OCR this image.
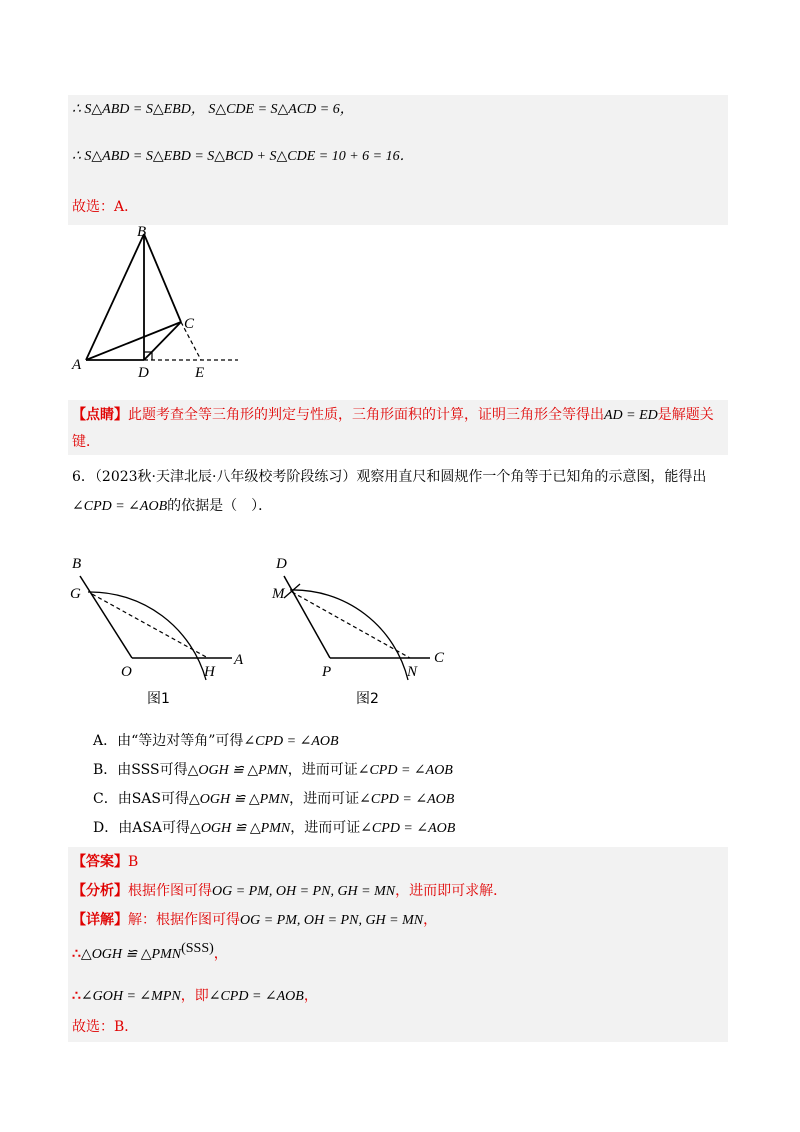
∴ S△ABD = S△EBD， S△CDE = S△ACD = 6，
∴ S△ABD = S△EBD = S△BCD + S△CDE = 10 + 6 = 16．
故选：A．
B
C
A	D	E
【点睛】此题考查全等三角形的判定与性质，三角形面积的计算，证明三角形全等得出AD = ED是解题关
键．
6．（2023秋·天津北辰·八年级校考阶段练习）观察用直尺和圆规作一个角等于已知角的示意图，能得出
∠CPD = ∠AOB的依据是（　）．
B
G
O	H
A
图1
D
M
P	N
C
图2
A．由“等边对等角”可得∠CPD = ∠AOB
B．由SSS可得△OGH ≌ △PMN，进而可证∠CPD = ∠AOB
C．由SAS可得△OGH ≌ △PMN，进而可证∠CPD = ∠AOB
D．由ASA可得△OGH ≌ △PMN，进而可证∠CPD = ∠AOB
【答案】B
【分析】根据作图可得OG = PM, OH = PN, GH = MN，进而即可求解．
【详解】解：根据作图可得OG = PM, OH = PN, GH = MN，
∴△OGH ≌ △PMN(SSS)，
∴∠GOH = ∠MPN，即∠CPD = ∠AOB，
故选：B．
